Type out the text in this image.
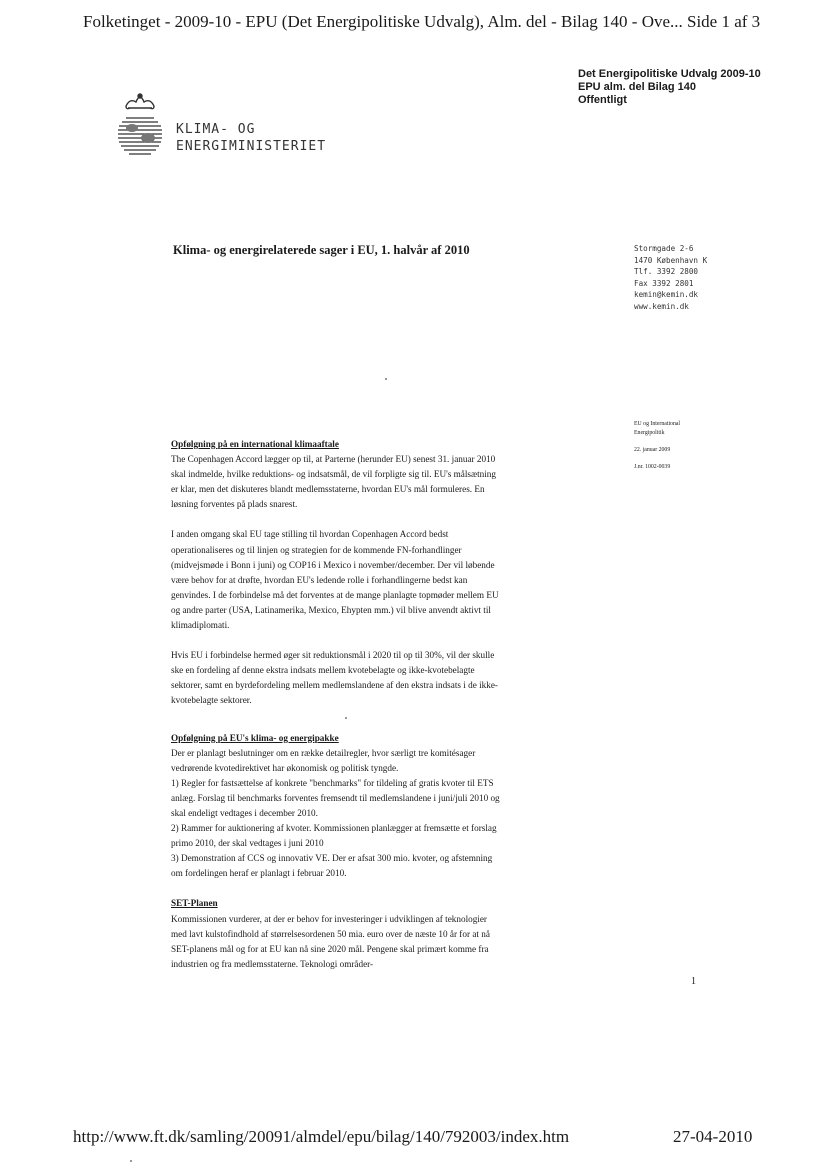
Folketinget - 2009-10 - EPU (Det Energipolitiske Udvalg), Alm. del - Bilag 140 - Ove... Side 1 af 3
Det Energipolitiske Udvalg 2009-10
EPU alm. del Bilag 140
Offentligt
KLIMA- OG
ENERGIMINISTERIET
Klima- og energirelaterede sager i EU, 1. halvår af 2010	Stormgade 2-6
1470 København K
Tlf. 3392 2800
Fax 3392 2801
kemin@kemin.dk
www.kemin.dk
EU og International
Energipolitik
22. januar 2009
J.nr. 1002-0039
Opfølgning på en international klimaaftale

The Copenhagen Accord lægger op til, at Parterne (herunder EU) senest 31. januar 2010 skal indmelde, hvilke reduktions- og indsatsmål, de vil forpligte sig til. EU's målsætning er klar, men det diskuteres blandt medlemsstaterne, hvordan EU's mål formuleres. En løsning forventes på plads snarest.

I anden omgang skal EU tage stilling til hvordan Copenhagen Accord bedst operationaliseres og til linjen og strategien for de kommende FN-forhandlinger (midvejsmøde i Bonn i juni) og COP16 i Mexico i november/december. Der vil løbende være behov for at drøfte, hvordan EU's ledende rolle i forhandlingerne bedst kan genvindes. I de forbindelse må det forventes at de mange planlagte topmøder mellem EU og andre parter (USA, Latinamerika, Mexico, Ehypten mm.) vil blive anvendt aktivt til klimadiplomati.

Hvis EU i forbindelse hermed øger sit reduktionsmål i 2020 til op til 30%, vil der skulle ske en fordeling af denne ekstra indsats mellem kvotebelagte og ikke-kvotebelagte sektorer, samt en byrdefordeling mellem medlemslandene af den ekstra indsats i de ikke-kvotebelagte sektorer.

Opfølgning på EU's klima- og energipakke

Der er planlagt beslutninger om en række detailregler, hvor særligt tre komitésager vedrørende kvotedirektivet har økonomisk og politisk tyngde.

1) Regler for fastsættelse af konkrete "benchmarks" for tildeling af gratis kvoter til ETS anlæg. Forslag til benchmarks forventes fremsendt til medlemslandene i juni/juli 2010 og skal endeligt vedtages i december 2010.

2) Rammer for auktionering af kvoter. Kommissionen planlægger at fremsætte et forslag primo 2010, der skal vedtages i juni 2010

3) Demonstration af CCS og innovativ VE. Der er afsat 300 mio. kvoter, og afstemning om fordelingen heraf er planlagt i februar 2010.

SET-Planen

Kommissionen vurderer, at der er behov for investeringer i udviklingen af teknologier med lavt kulstofindhold af størrelsesordenen 50 mia. euro over de næste 10 år for at nå SET-planens mål og for at EU kan nå sine 2020 mål. Pengene skal primært komme fra industrien og fra medlemsstaterne. Teknologi områder-

1
http://www.ft.dk/samling/20091/almdel/epu/bilag/140/792003/index.htm	27-04-2010
